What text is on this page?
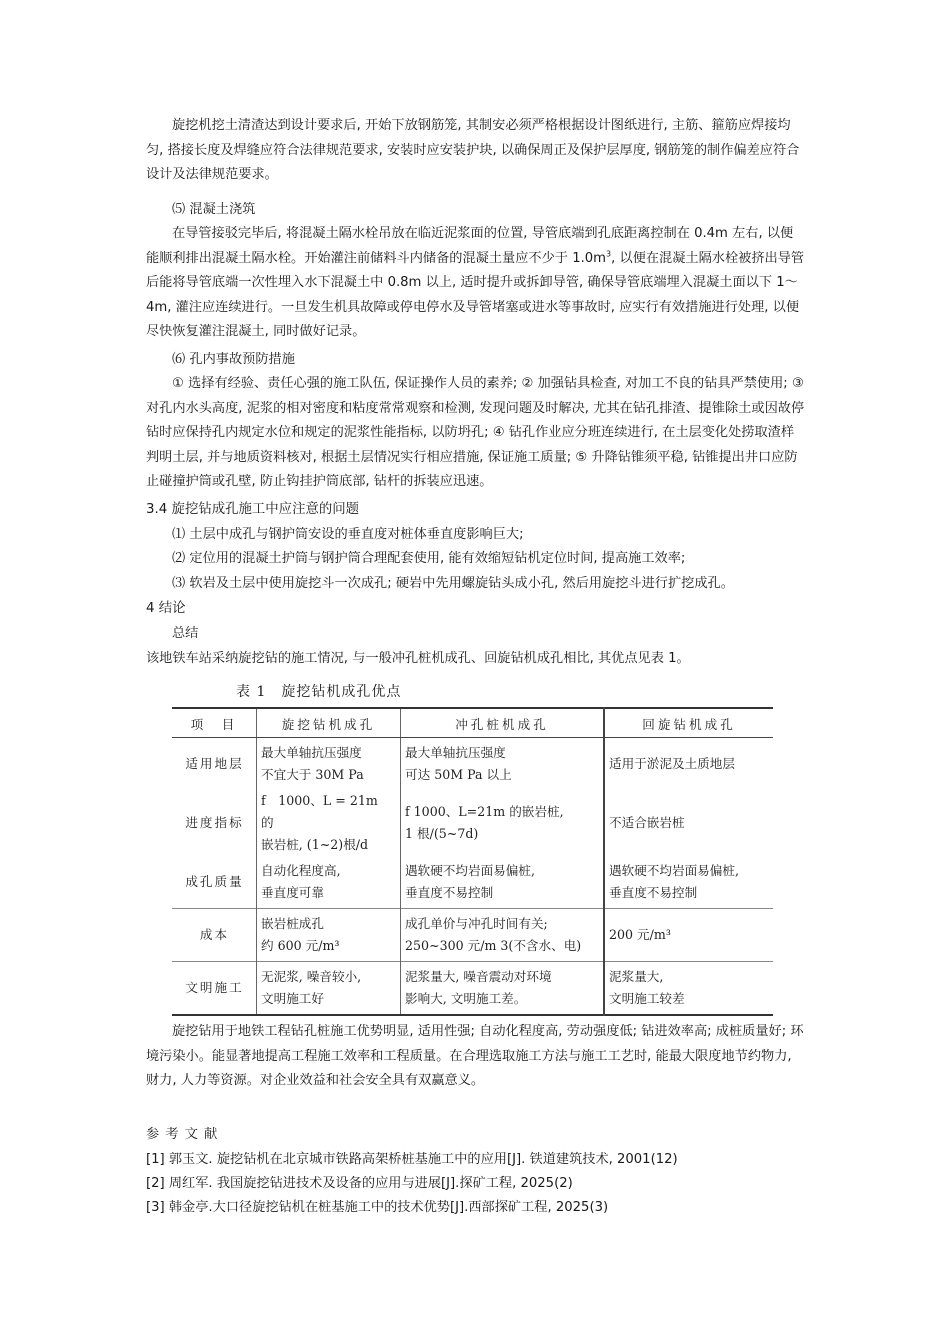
旋挖机挖土清渣达到设计要求后, 开始下放钢筋笼, 其制安必须严格根据设计图纸进行, 主筋、箍筋应焊接均匀, 搭接长度及焊缝应符合法律规范要求, 安装时应安装护块, 以确保周正及保护层厚度, 钢筋笼的制作偏差应符合设计及法律规范要求。

⑸ 混凝土浇筑

在导管接驳完毕后, 将混凝土隔水栓吊放在临近泥浆面的位置, 导管底端到孔底距离控制在 0.4m 左右, 以便能顺利排出混凝土隔水栓。开始灌注前储料斗内储备的混凝土量应不少于 $1.0m^3$, 以便在混凝土隔水栓被挤出导管后能将导管底端一次性埋入水下混凝土中 0.8m 以上, 适时提升或拆卸导管, 确保导管底端埋入混凝土面以下 1～4m, 灌注应连续进行。一旦发生机具故障或停电停水及导管堵塞或进水等事故时, 应实行有效措施进行处理, 以便尽快恢复灌注混凝土, 同时做好记录。

⑹ 孔内事故预防措施

① 选择有经验、责任心强的施工队伍, 保证操作人员的素养; ② 加强钻具检查, 对加工不良的钻具严禁使用; ③ 对孔内水头高度, 泥浆的相对密度和粘度常常观察和检测, 发现问题及时解决, 尤其在钻孔排渣、提锥除土或因故停钻时应保持孔内规定水位和规定的泥浆性能指标, 以防坍孔; ④ 钻孔作业应分班连续进行, 在土层变化处捞取渣样判明土层, 并与地质资料核对, 根据土层情况实行相应措施, 保证施工质量; ⑤ 升降钻锥须平稳, 钻锥提出井口应防止碰撞护筒或孔壁, 防止钩挂护筒底部, 钻杆的拆装应迅速。

3.4 旋挖钻成孔施工中应注意的问题
⑴ 土层中成孔与钢护筒安设的垂直度对桩体垂直度影响巨大;
⑵ 定位用的混凝土护筒与钢护筒合理配套使用, 能有效缩短钻机定位时间, 提高施工效率;
⑶ 软岩及土层中使用旋挖斗一次成孔; 硬岩中先用螺旋钻头成小孔, 然后用旋挖斗进行扩挖成孔。
4 结论
总结
该地铁车站采纳旋挖钻的施工情况, 与一般冲孔桩机成孔、回旋钻机成孔相比, 其优点见表 1。
表 1　旋挖钻机成孔优点
项　目	旋挖钻机成孔	冲孔桩机成孔	回旋钻机成孔
适用地层	最大单轴抗压强度
不宜大于 30M Pa	最大单轴抗压强度
可达 50M Pa 以上	适用于淤泥及土质地层

进度指标	f　1000、L = 21m　的
嵌岩桩, (1~2)根/d	f 1000、L=21m 的嵌岩桩,
1 根/(5~7d)	不适合嵌岩桩

成孔质量	自动化程度高,
垂直度可靠	遇软硬不均岩面易偏桩,
垂直度不易控制	遇软硬不均岩面易偏桩,
垂直度不易控制

成本	嵌岩桩成孔
约 600 元/m³	成孔单价与冲孔时间有关;
250~300 元/m 3(不含水、电)	200 元/m³

文明施工	无泥浆, 噪音较小,
文明施工好	泥浆量大, 噪音震动对环境
影响大, 文明施工差。	泥浆量大,
文明施工较差

旋挖钻用于地铁工程钻孔桩施工优势明显, 适用性强; 自动化程度高, 劳动强度低; 钻进效率高; 成桩质量好; 环境污染小。能显著地提高工程施工效率和工程质量。在合理选取施工方法与施工工艺时, 能最大限度地节约物力, 财力, 人力等资源。对企业效益和社会安全具有双赢意义。

参 考 文 献
[1] 郭玉文. 旋挖钻机在北京城市铁路高架桥桩基施工中的应用[J]. 铁道建筑技术, 2001(12)
[2] 周红军. 我国旋挖钻进技术及设备的应用与进展[J].探矿工程, 2025(2)
[3] 韩金亭.大口径旋挖钻机在桩基施工中的技术优势[J].西部探矿工程, 2025(3)
